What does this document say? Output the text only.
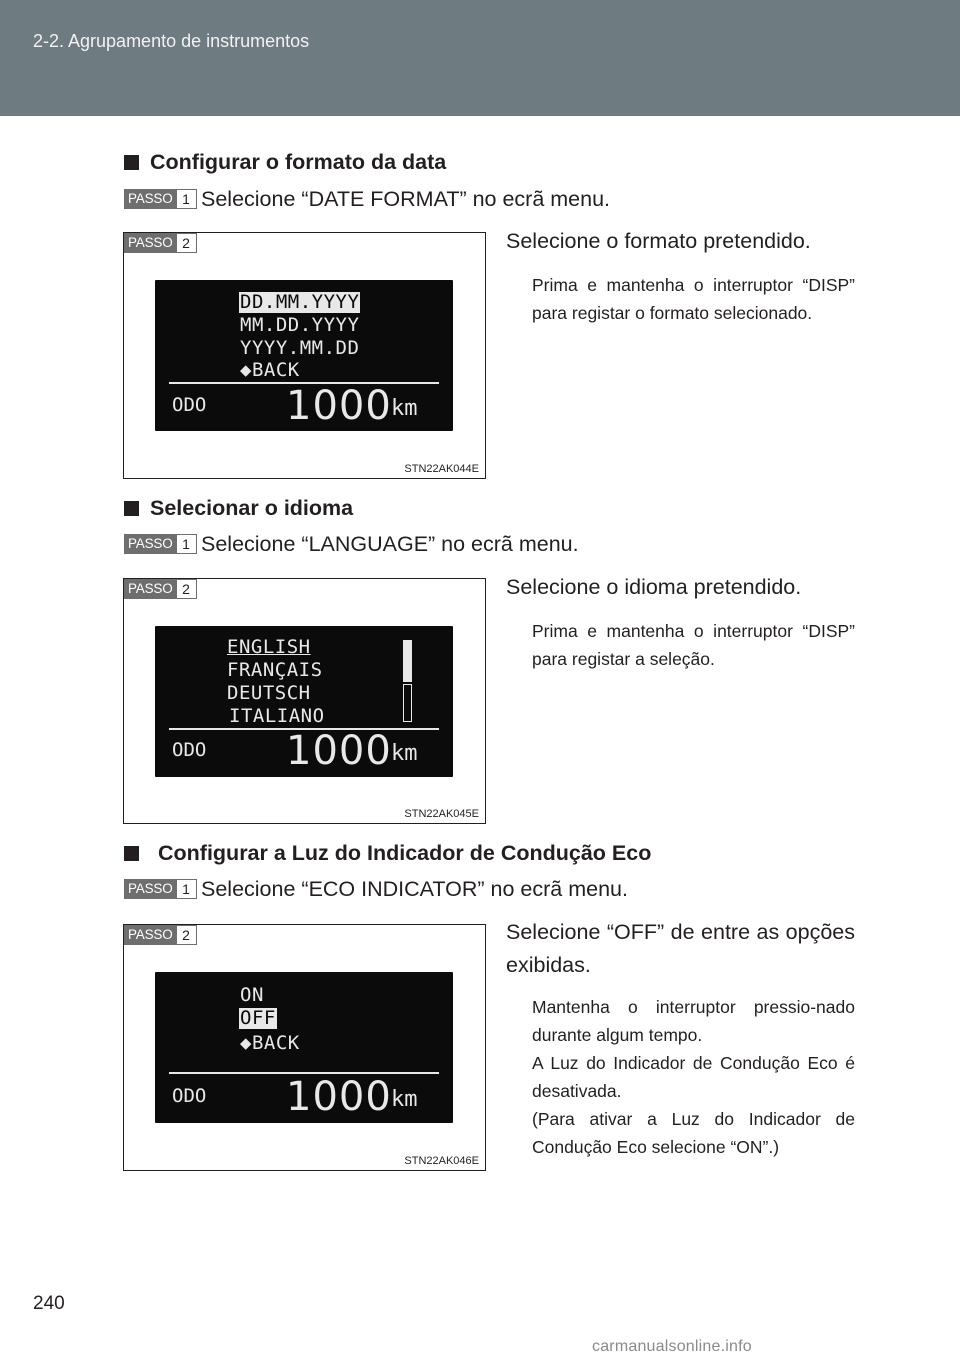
2-2. Agrupamento de instrumentos
Configurar o formato da data
PASSO 1 Selecione “DATE FORMAT” no ecrã menu.
PASSO 2
DD.MM.YYYY
MM.DD.YYYY
YYYY.MM.DD
◆BACK
ODO 1000 km
STN22AK044E
Selecione o formato pretendido.
Prima e mantenha o interruptor “DISP” para registar o formato selecionado.
Selecionar o idioma
PASSO 1 Selecione “LANGUAGE” no ecrã menu.
PASSO 2
ENGLISH
FRANÇAIS
DEUTSCH
ITALIANO
ODO 1000 km
STN22AK045E
Selecione o idioma pretendido.
Prima e mantenha o interruptor “DISP” para registar a seleção.
Configurar a Luz do Indicador de Condução Eco
PASSO 1 Selecione “ECO INDICATOR” no ecrã menu.
PASSO 2
ON
OFF
◆BACK
ODO 1000 km
STN22AK046E
Selecione “OFF” de entre as opções exibidas.
Mantenha o interruptor pressio-nado durante algum tempo.
A Luz do Indicador de Condução Eco é desativada.
(Para ativar a Luz do Indicador de Condução Eco selecione “ON”.)
240
carmanualsonline.info
